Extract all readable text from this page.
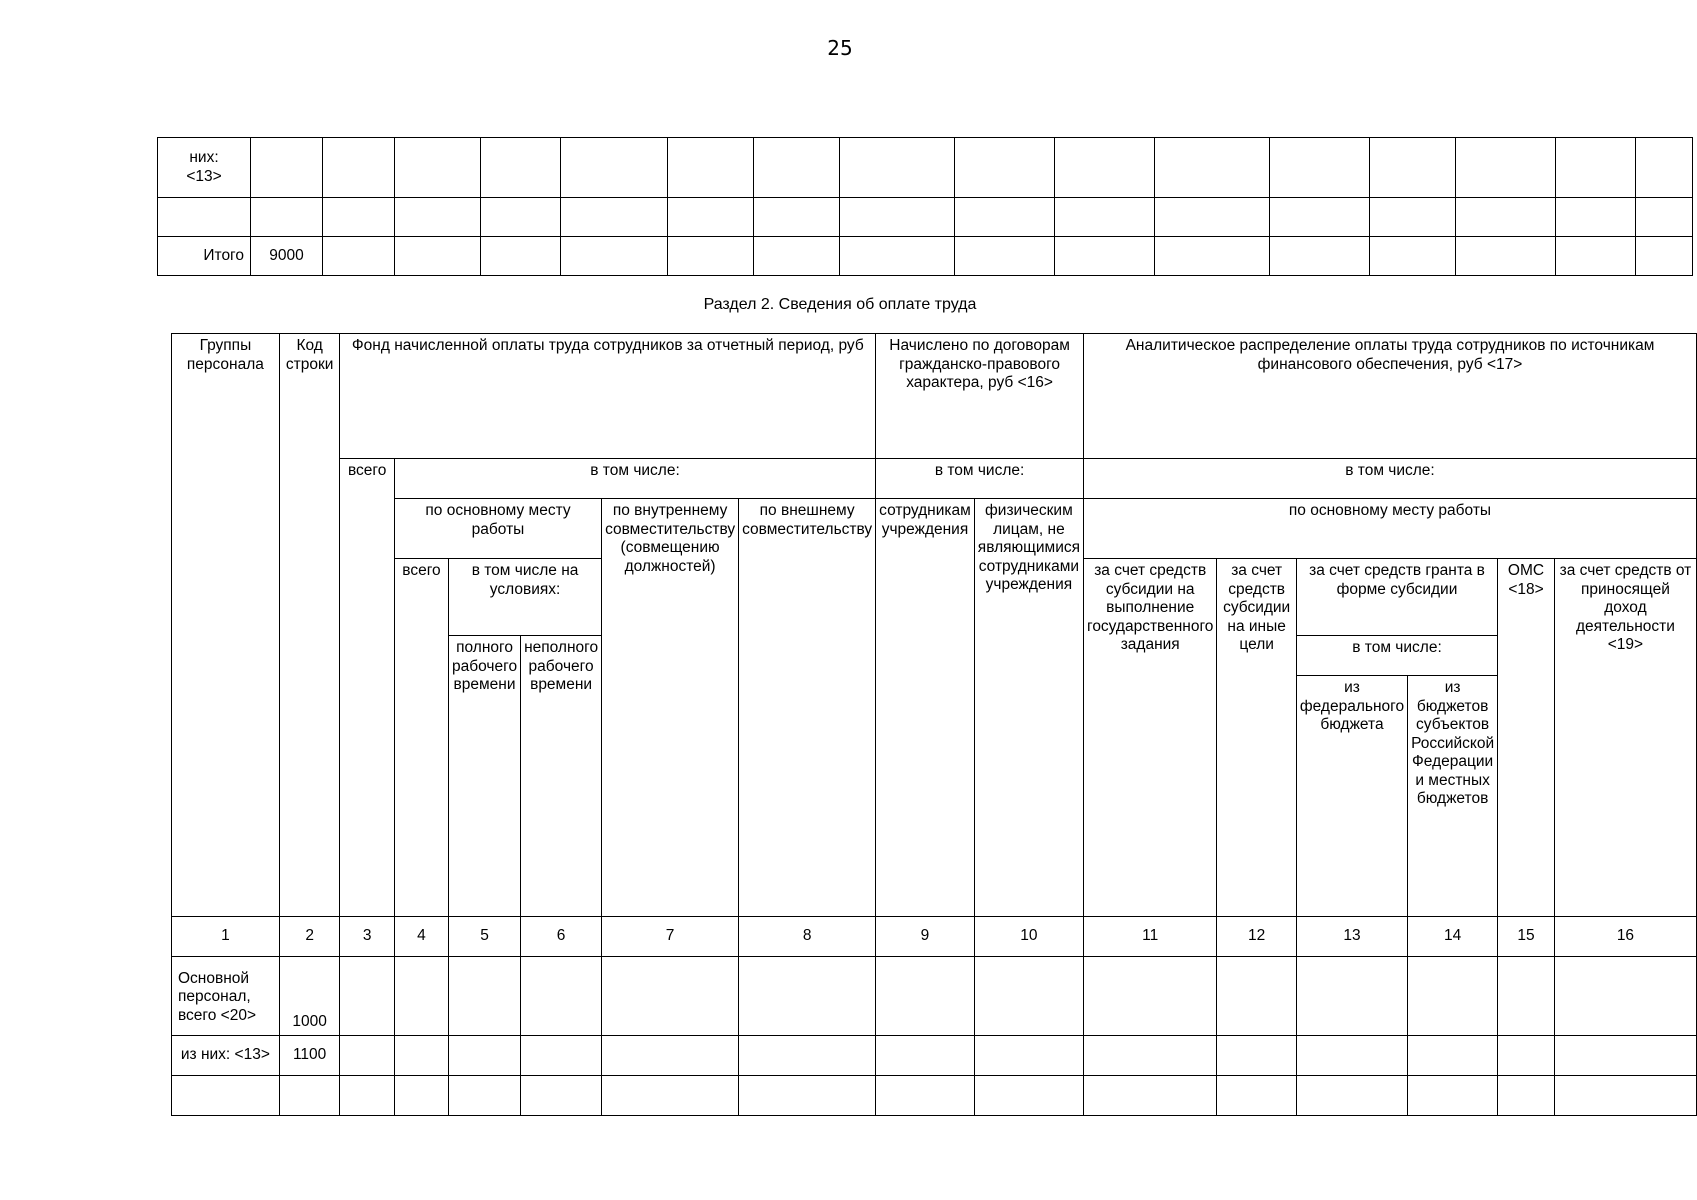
25
них:
<13>																

Итого	9000															
Раздел 2. Сведения об оплате труда
Группы персонала	Код строки	Фонд начисленной оплаты труда сотрудников за отчетный период, руб						Начислено по договорам гражданско-правового характера, руб <16>		Аналитическое распределение оплаты труда сотрудников по источникам финансового обеспечения, руб <17>					
		всего	в том числе:					в том числе:		в том числе:					
			по основному месту работы			по внутреннему совместительству (совмещению должностей)	по внешнему совместительству	сотрудникам учреждения	физическим лицам, не являющимися сотрудниками учреждения	по основному месту работы					
			всего	в том числе на условиях:						за счет средств субсидии на выполнение государственного задания	за счет средств субсидии на иные цели	за счет средств гранта в форме субсидии		ОМС <18>	за счет средств от приносящей доход деятельности <19>
				полного рабочего времени	неполного рабочего времени							в том числе:			
												из федерального бюджета	из бюджетов субъектов Российской Федерации и местных бюджетов		

1	2	3	4	5	6	7	8	9	10	11	12	13	14	15	16
Основной персонал, всего <20>	1000														
из них: <13>	1100														
